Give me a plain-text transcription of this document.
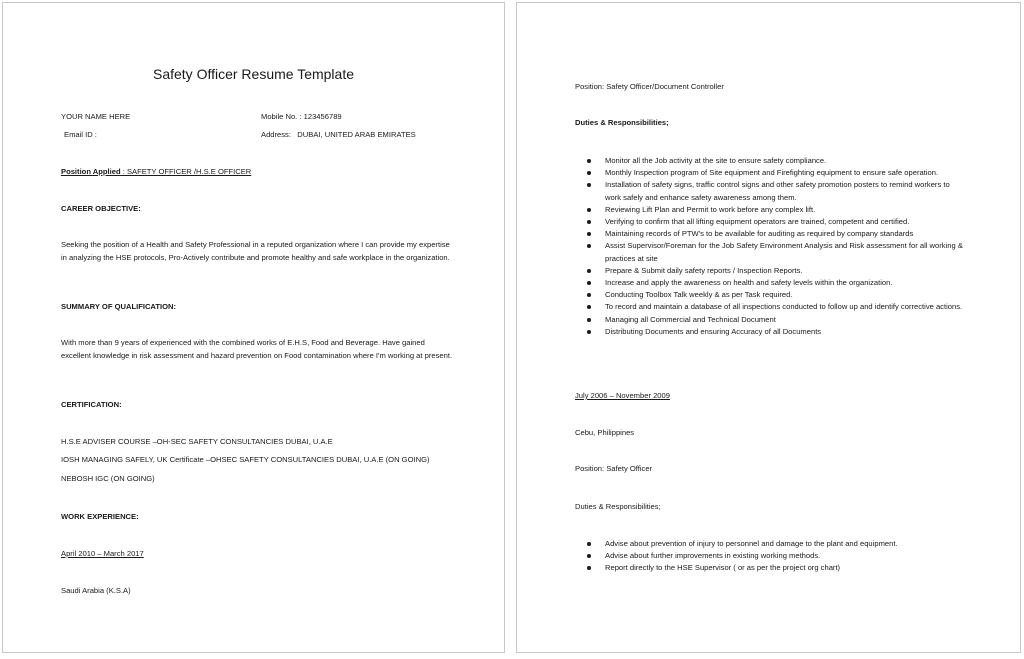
Safety Officer Resume Template
YOUR NAME HERE	Mobile No. : 123456789
Email ID :	Address:   DUBAI, UNITED ARAB EMIRATES
Position Applied : SAFETY OFFICER /H.S.E OFFICER
CAREER OBJECTIVE:
Seeking the position of a Health and Safety Professional in a reputed organization where I can provide my expertise in analyzing the HSE protocols, Pro-Actively contribute and promote healthy and safe workplace in the organization.
SUMMARY OF QUALIFICATION:
With more than 9 years of experienced with the combined works of E.H.S, Food and Beverage. Have gained excellent knowledge in risk assessment and hazard prevention on Food contamination where I'm working at present.
CERTIFICATION:
H.S.E ADVISER COURSE –OH-SEC SAFETY CONSULTANCIES DUBAI, U.A.E
IOSH MANAGING SAFELY, UK Certificate –OHSEC SAFETY CONSULTANCIES DUBAI, U.A.E (ON GOING)
NEBOSH IGC (ON GOING)
WORK EXPERIENCE:
April 2010 – March 2017
Saudi Arabia (K.S.A)
Position: Safety Officer/Document Controller
Duties & Responsibilities;
Monitor all the Job activity at the site to ensure safety compliance.
Monthly Inspection program of Site equipment and Firefighting equipment to ensure safe operation.
Installation of safety signs, traffic control signs and other safety promotion posters to remind workers to work safely and enhance safety awareness among them.
Reviewing Lift Plan and Permit to work before any complex lift.
Verifying to confirm that all lifting equipment operators are trained, competent and certified.
Maintaining records of PTW's to be available for auditing as required by company standards
Assist Supervisor/Foreman for the Job Safety Environment Analysis and Risk assessment for all working & practices at site
Prepare & Submit daily safety reports / Inspection Reports.
Increase and apply the awareness on health and safety levels within the organization.
Conducting Toolbox Talk weekly & as per Task required.
To record and maintain a database of all inspections conducted to follow up and identify corrective actions.
Managing all Commercial and Technical Document
Distributing Documents and ensuring Accuracy of all Documents
July 2006 – November 2009
Cebu, Philippines
Position: Safety Officer
Duties & Responsibilities;
Advise about prevention of injury to personnel and damage to the plant and equipment.
Advise about further improvements in existing working methods.
Report directly to the HSE Supervisor ( or as per the project org chart)
